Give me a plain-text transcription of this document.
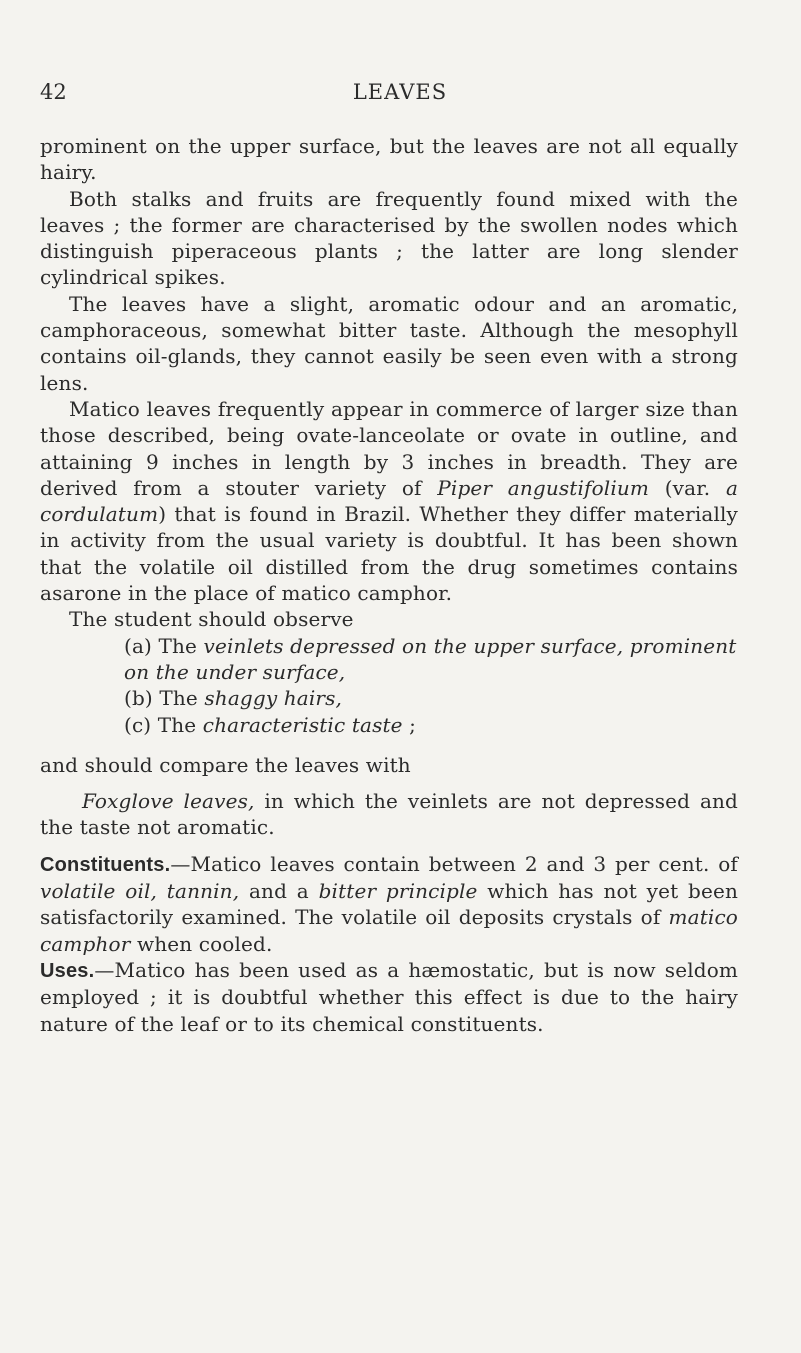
42	LEAVES

prominent on the upper surface, but the leaves are not all equally hairy.

Both stalks and fruits are frequently found mixed with the leaves ; the former are characterised by the swollen nodes which distinguish piperaceous plants ; the latter are long slender cylindrical spikes.

The leaves have a slight, aromatic odour and an aromatic, camphoraceous, somewhat bitter taste. Although the mesophyll contains oil-glands, they cannot easily be seen even with a strong lens.

Matico leaves frequently appear in commerce of larger size than those described, being ovate-lanceolate or ovate in outline, and attaining 9 inches in length by 3 inches in breadth. They are derived from a stouter variety of Piper angustifolium (var. a cordulatum) that is found in Brazil. Whether they differ materially in activity from the usual variety is doubtful. It has been shown that the volatile oil distilled from the drug sometimes contains asarone in the place of matico camphor.

The student should observe

(a) The veinlets depressed on the upper surface, prominent on the under surface,
(b) The shaggy hairs,
(c) The characteristic taste ;

and should compare the leaves with

Foxglove leaves, in which the veinlets are not depressed and the taste not aromatic.

Constituents.—Matico leaves contain between 2 and 3 per cent. of volatile oil, tannin, and a bitter principle which has not yet been satisfactorily examined. The volatile oil deposits crystals of matico camphor when cooled.

Uses.—Matico has been used as a hæmostatic, but is now seldom employed ; it is doubtful whether this effect is due to the hairy nature of the leaf or to its chemical constituents.
